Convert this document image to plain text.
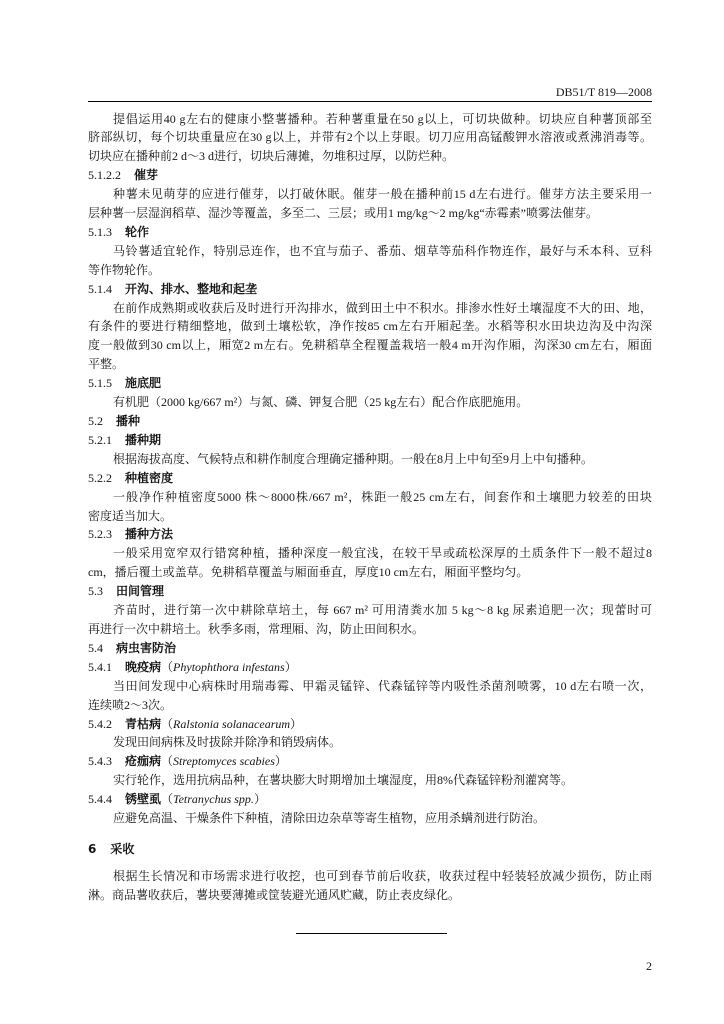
DB51/T 819—2008
提倡运用40 g左右的健康小整薯播种。若种薯重量在50 g以上，可切块做种。切块应自种薯顶部至
脐部纵切，每个切块重量应在30 g以上，并带有2个以上芽眼。切刀应用高锰酸钾水溶液或煮沸消毒等。
切块应在播种前2 d～3 d进行，切块后薄摊，勿堆积过厚，以防烂种。
5.1.2.2 催芽
种薯未见萌芽的应进行催芽，以打破休眠。催芽一般在播种前15 d左右进行。催芽方法主要采用一
层种薯一层湿润稻草、湿沙等覆盖，多至二、三层；或用1 mg/kg～2 mg/kg“赤霉素”喷雾法催芽。
5.1.3 轮作
马铃薯适宜轮作，特别忌连作，也不宜与茄子、番茄、烟草等茄科作物连作，最好与禾本科、豆科
等作物轮作。
5.1.4 开沟、排水、整地和起垄
在前作成熟期或收获后及时进行开沟排水，做到田土中不积水。排渗水性好土壤湿度不大的田、地，
有条件的要进行精细整地，做到土壤松软，净作按85 cm左右开厢起垄。水稻等积水田块边沟及中沟深
度一般做到30 cm以上，厢宽2 m左右。免耕稻草全程覆盖栽培一般4 m开沟作厢，沟深30 cm左右，厢面
平整。
5.1.5 施底肥
有机肥（2000 kg/667 m²）与氮、磷、钾复合肥（25 kg左右）配合作底肥施用。
5.2 播种
5.2.1 播种期
根据海拔高度、气候特点和耕作制度合理确定播种期。一般在8月上中旬至9月上中旬播种。
5.2.2 种植密度
一般净作种植密度5000 株～8000株/667 m²，株距一般25 cm左右，间套作和土壤肥力较差的田块
密度适当加大。
5.2.3 播种方法
一般采用宽窄双行错窝种植，播种深度一般宜浅，在较干旱或疏松深厚的土质条件下一般不超过8
cm，播后覆土或盖草。免耕稻草覆盖与厢面垂直，厚度10 cm左右，厢面平整均匀。
5.3 田间管理
齐苗时，进行第一次中耕除草培土，每 667 m² 可用清粪水加 5 kg～8 kg 尿素追肥一次；现蕾时可
再进行一次中耕培土。秋季多雨，常理厢、沟，防止田间积水。
5.4 病虫害防治
5.4.1 晚疫病（Phytophthora infestans）
当田间发现中心病株时用瑞毒霉、甲霜灵锰锌、代森锰锌等内吸性杀菌剂喷雾，10 d左右喷一次，
连续喷2～3次。
5.4.2 青枯病（Ralstonia solanacearum）
发现田间病株及时拔除并除净和销毁病体。
5.4.3 疮痂病（Streptomyces scabies）
实行轮作，选用抗病品种，在薯块膨大时期增加土壤湿度，用8%代森锰锌粉剂灌窝等。
5.4.4 锈壁虱（Tetranychus spp.）
应避免高温、干燥条件下种植，清除田边杂草等寄生植物，应用杀螨剂进行防治。
6 采收
根据生长情况和市场需求进行收挖，也可到春节前后收获，收获过程中轻装轻放减少损伤，防止雨
淋。商品薯收获后，薯块要薄摊或筐装避光通风贮藏，防止表皮绿化。
2
